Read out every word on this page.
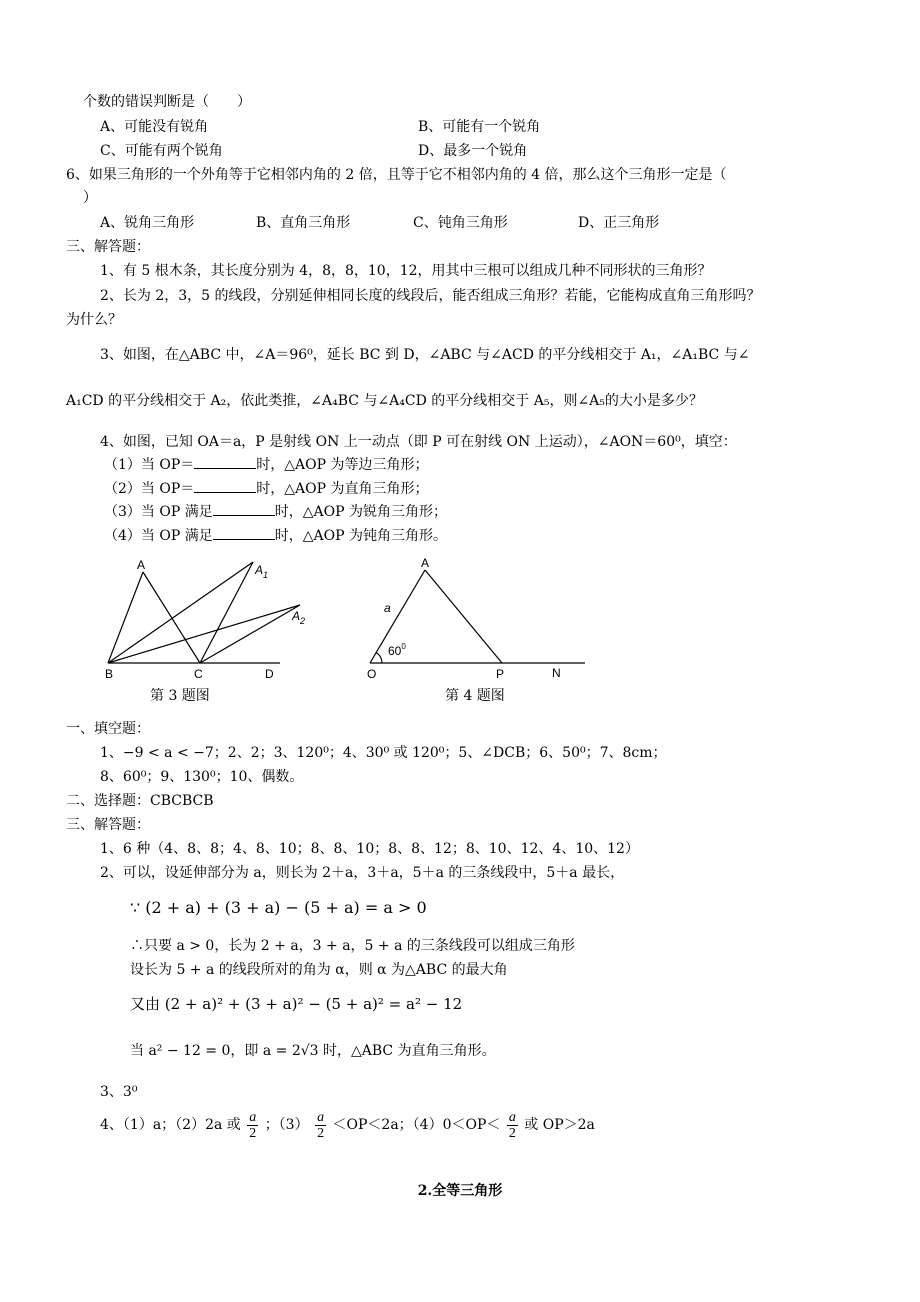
个数的错误判断是（　　）
A、可能没有锐角	B、可能有一个锐角
C、可能有两个锐角	D、最多一个锐角
6、如果三角形的一个外角等于它相邻内角的 2 倍，且等于它不相邻内角的 4 倍，那么这个三角形一定是（
）
A、锐角三角形	B、直角三角形	C、钝角三角形	D、正三角形
三、解答题：
1、有 5 根木条，其长度分别为 4，8，8，10，12，用其中三根可以组成几种不同形状的三角形？
2、长为 2，3，5 的线段，分别延伸相同长度的线段后，能否组成三角形？若能，它能构成直角三角形吗？
为什么？
3、如图，在△ABC 中，∠A＝96⁰，延长 BC 到 D，∠ABC 与∠ACD 的平分线相交于 A₁，∠A₁BC 与∠
A₁CD 的平分线相交于 A₂，依此类推，∠A₄BC 与∠A₄CD 的平分线相交于 A₅，则∠A₅的大小是多少？
4、如图，已知 OA＝a，P 是射线 ON 上一动点（即 P 可在射线 ON 上运动），∠AON＝60⁰，填空：
（1）当 OP＝	时，△AOP 为等边三角形；
（2）当 OP＝	时，△AOP 为直角三角形；
（3）当 OP 满足	时，△AOP 为锐角三角形；
（4）当 OP 满足	时，△AOP 为钝角三角形。
A	$A_1$
$A_2$
B	C	D
第 3 题图
A
a
$60^0$
O	P	N
第 4 题图
一、填空题：
1、−9 < a < −7；2、2；3、120⁰；4、30⁰ 或 120⁰；5、∠DCB；6、50⁰；7、8cm；
8、60⁰；9、130⁰；10、偶数。
二、选择题：CBCBCB
三、解答题：
1、6 种（4、8、8；4、8、10；8、8、10；8、8、12；8、10、12、4、10、12）
2、可以，设延伸部分为 a，则长为 2＋a，3＋a，5＋a 的三条线段中，5＋a 最长，
∵ (2 + a) + (3 + a) − (5 + a) = a > 0
∴只要 a > 0，长为 2 + a，3 + a，5 + a 的三条线段可以组成三角形
设长为 5 + a 的线段所对的角为 α，则 α 为△ABC 的最大角
又由 (2 + a)² + (3 + a)² − (5 + a)² = a² − 12
当 a² − 12 = 0，即 a = 2√3 时，△ABC 为直角三角形。
3、3⁰
4、（1）a；（2）2a 或 $\frac{a}{2}$ ；$(3) \frac{a}{2} <OP<2a$；$(4)0<OP< \frac{a}{2}$ 或 OP＞2a
2.全等三角形
